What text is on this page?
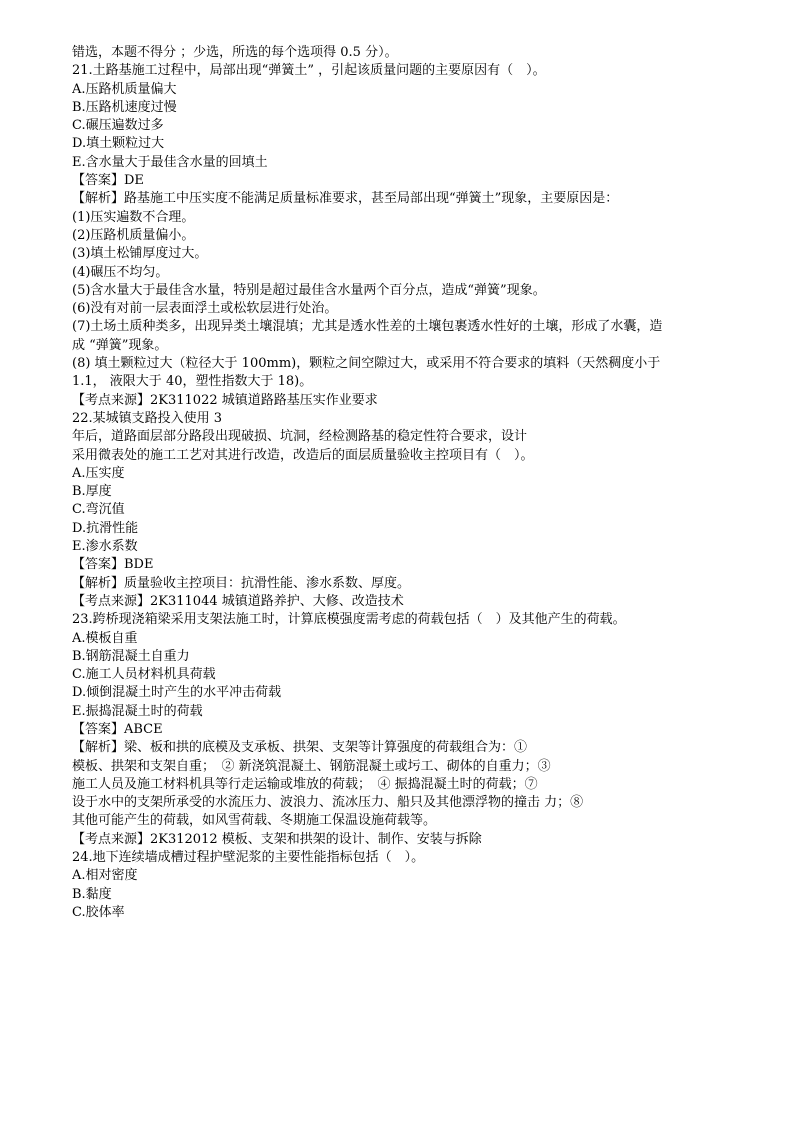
错选，本题不得分 ；少选，所选的每个选项得 0.5 分）。
21.土路基施工过程中，局部出现“弹簧土” ，引起该质量问题的主要原因有（　）。
A.压路机质量偏大
B.压路机速度过慢
C.碾压遍数过多
D.填土颗粒过大
E.含水量大于最佳含水量的回填土
【答案】DE
【解析】路基施工中压实度不能满足质量标准要求，甚至局部出现“弹簧土”现象，主要原因是：
(1)压实遍数不合理。
(2)压路机质量偏小。
(3)填土松铺厚度过大。
(4)碾压不均匀。
(5)含水量大于最佳含水量，特别是超过最佳含水量两个百分点，造成“弹簧”现象。
(6)没有对前一层表面浮土或松软层进行处治。
(7)土场土质种类多，出现异类土壤混填；尤其是透水性差的土壤包裹透水性好的土壤，形成了水囊，造
成 “弹簧”现象。
(8) 填土颗粒过大（粒径大于 100mm)，颗粒之间空隙过大，或采用不符合要求的填料（天然稠度小于
1.1， 液限大于 40，塑性指数大于 18)。
【考点来源】2K311022 城镇道路路基压实作业要求
22.某城镇支路投入使用 3
年后，道路面层部分路段出现破损、坑洞，经检测路基的稳定性符合要求，设计
采用微表处的施工工艺对其进行改造，改造后的面层质量验收主控项目有（　）。
A.压实度
B.厚度
C.弯沉值
D.抗滑性能
E.渗水系数
【答案】BDE
【解析】质量验收主控项目：抗滑性能、渗水系数、厚度。
【考点来源】2K311044 城镇道路养护、大修、改造技术
23.跨桥现浇箱梁采用支架法施工时，计算底模强度需考虑的荷载包括（　）及其他产生的荷载。
A.模板自重
B.钢筋混凝土自重力
C.施工人员材料机具荷载
D.倾倒混凝土时产生的水平冲击荷载
E.振捣混凝土时的荷载
【答案】ABCE
【解析】梁、板和拱的底模及支承板、拱架、支架等计算强度的荷载组合为：①
模板、拱架和支架自重；　② 新浇筑混凝土、钢筋混凝土或圬工、砌体的自重力；③
施工人员及施工材料机具等行走运输或堆放的荷载；　④ 振捣混凝土时的荷载；⑦
设于水中的支架所承受的水流压力、波浪力、流冰压力、船只及其他漂浮物的撞击 力；⑧
其他可能产生的荷载，如风雪荷载、冬期施工保温设施荷载等。
【考点来源】2K312012 模板、支架和拱架的设计、制作、安装与拆除
24.地下连续墙成槽过程护壁泥浆的主要性能指标包括（　）。
A.相对密度
B.黏度
C.胶体率
